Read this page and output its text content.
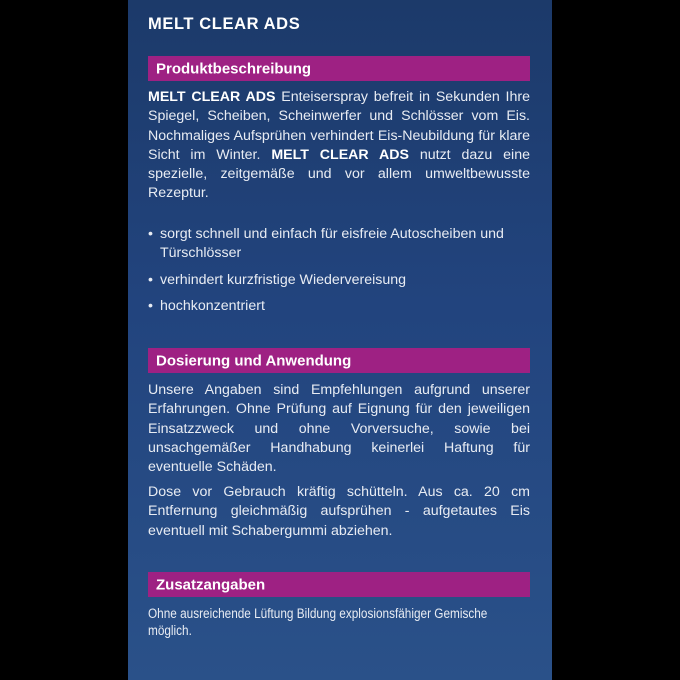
MELT CLEAR ADS
Produktbeschreibung
MELT CLEAR ADS Enteiserspray befreit in Sekunden Ihre Spiegel, Scheiben, Scheinwerfer und Schlösser vom Eis. Nochmaliges Aufsprühen verhindert Eis-Neubildung für klare Sicht im Winter. MELT CLEAR ADS nutzt dazu eine spezielle, zeitgemäße und vor allem umweltbewusste Rezeptur.
• sorgt schnell und einfach für eisfreie Autoscheiben und Türschlösser
• verhindert kurzfristige Wiedervereisung
• hochkonzentriert
Dosierung und Anwendung
Unsere Angaben sind Empfehlungen aufgrund unserer Erfahrungen. Ohne Prüfung auf Eignung für den jeweiligen Einsatzzweck und ohne Vorversuche, sowie bei unsachgemäßer Handhabung keinerlei Haftung für eventuelle Schäden.
Dose vor Gebrauch kräftig schütteln. Aus ca. 20 cm Entfernung gleichmäßig aufsprühen - aufgetautes Eis eventuell mit Schabergummi abziehen.
Zusatzangaben
Ohne ausreichende Lüftung Bildung explosionsfähiger Gemische möglich.
